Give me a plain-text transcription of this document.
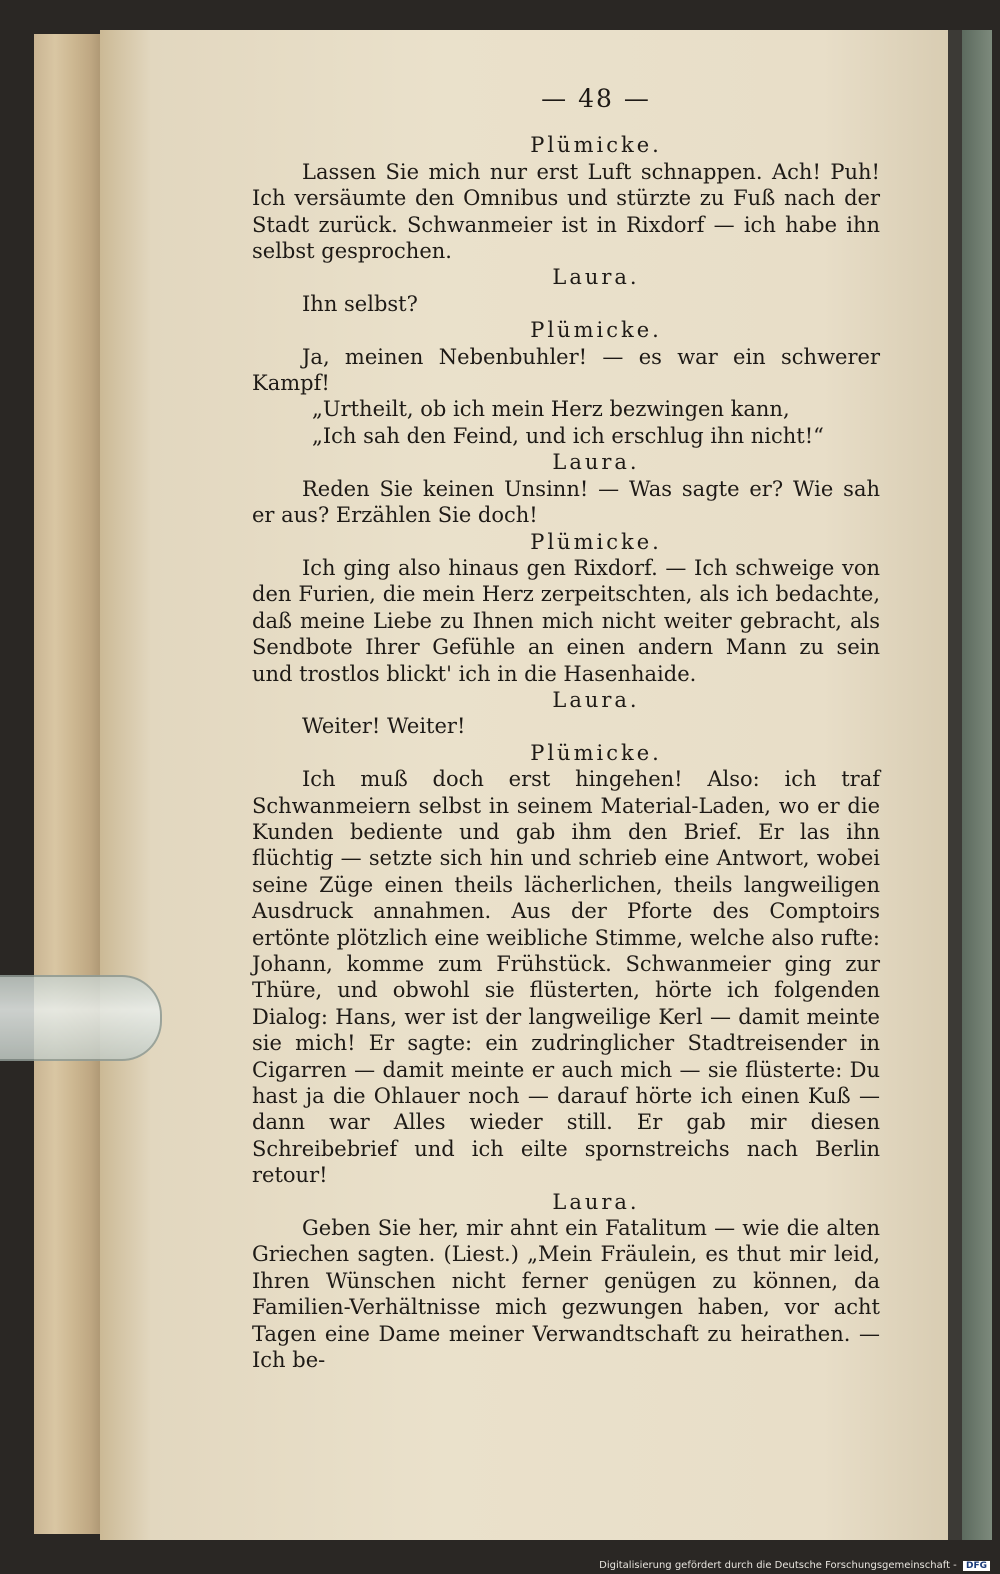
— 48 —
Plümicke.
Lassen Sie mich nur erst Luft schnappen. Ach! Puh! Ich versäumte den Omnibus und stürzte zu Fuß nach der Stadt zurück. Schwanmeier ist in Rixdorf — ich habe ihn selbst gesprochen.
Laura.
Ihn selbst?
Plümicke.
Ja, meinen Nebenbuhler! — es war ein schwerer Kampf!
„Urtheilt, ob ich mein Herz bezwingen kann,
„Ich sah den Feind, und ich erschlug ihn nicht!“
Laura.
Reden Sie keinen Unsinn! — Was sagte er? Wie sah er aus? Erzählen Sie doch!
Plümicke.
Ich ging also hinaus gen Rixdorf. — Ich schweige von den Furien, die mein Herz zerpeitschten, als ich bedachte, daß meine Liebe zu Ihnen mich nicht weiter gebracht, als Sendbote Ihrer Gefühle an einen andern Mann zu sein und trostlos blickt' ich in die Hasenhaide.
Laura.
Weiter! Weiter!
Plümicke.
Ich muß doch erst hingehen! Also: ich traf Schwanmeiern selbst in seinem Material-Laden, wo er die Kunden bediente und gab ihm den Brief. Er las ihn flüchtig — setzte sich hin und schrieb eine Antwort, wobei seine Züge einen theils lächerlichen, theils langweiligen Ausdruck annahmen. Aus der Pforte des Comptoirs ertönte plötzlich eine weibliche Stimme, welche also rufte: Johann, komme zum Frühstück. Schwanmeier ging zur Thüre, und obwohl sie flüsterten, hörte ich folgenden Dialog: Hans, wer ist der langweilige Kerl — damit meinte sie mich! Er sagte: ein zudringlicher Stadtreisender in Cigarren — damit meinte er auch mich — sie flüsterte: Du hast ja die Ohlauer noch — darauf hörte ich einen Kuß — dann war Alles wieder still. Er gab mir diesen Schreibebrief und ich eilte spornstreichs nach Berlin retour!
Laura.
Geben Sie her, mir ahnt ein Fatalitum — wie die alten Griechen sagten. (Liest.) „Mein Fräulein, es thut mir leid, Ihren Wünschen nicht ferner genügen zu können, da Familien-Verhältnisse mich gezwungen haben, vor acht Tagen eine Dame meiner Verwandtschaft zu heirathen. — Ich be-
Digitalisierung gefördert durch die Deutsche Forschungsgemeinschaft - DFG
